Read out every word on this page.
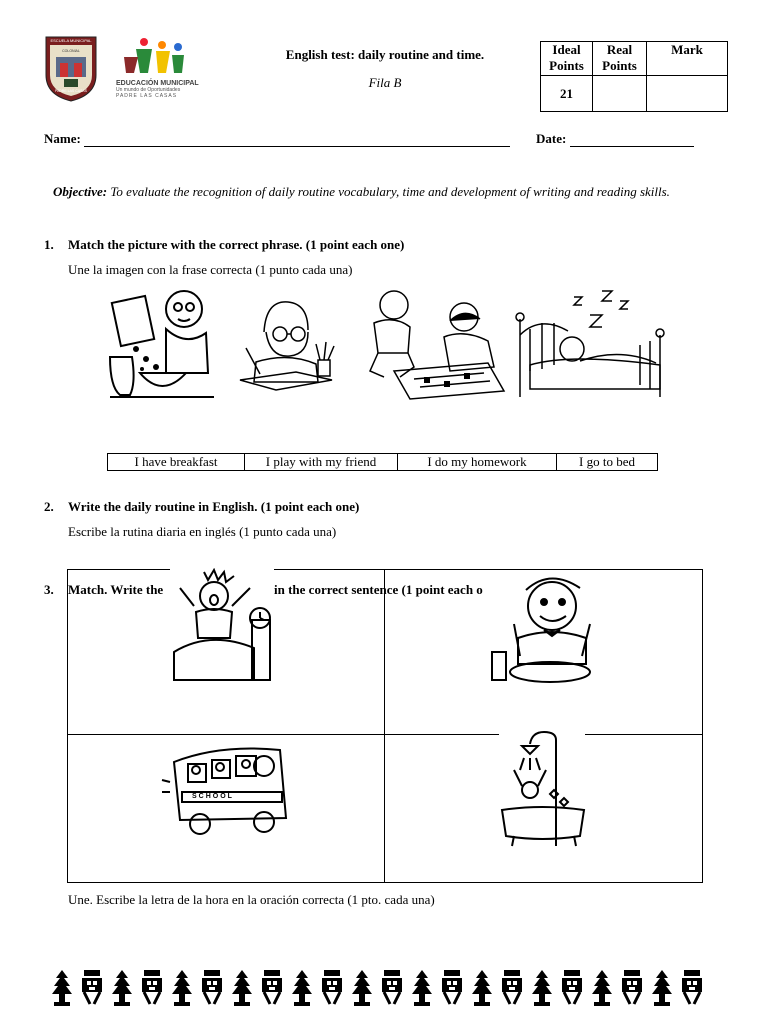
ESCUELA MUNICIPAL
COLONIAL
PADRE LAS CASAS
EDUCACIÓN MUNICIPAL
Un mundo de Oportunidades
PADRE LAS CASAS
English test: daily routine and time.
Fila B
Ideal Points	Real Points	Mark
21		
Name:	Date:
Objective: To evaluate the recognition of daily routine vocabulary, time and development of writing and reading skills.
1. Match the picture with the correct phrase. (1 point each one)
Une la imagen con la frase correcta (1 punto cada una)
I have breakfast	I play with my friend	I do my homework	I go to bed
2. Write the daily routine in English. (1 point each one)
Escribe la rutina diaria en inglés (1 punto cada una)
3. Match. Write the	in the correct sentence (1 point each o
SCHOOL
Une. Escribe la letra de la hora en la oración correcta (1 pto. cada una)
